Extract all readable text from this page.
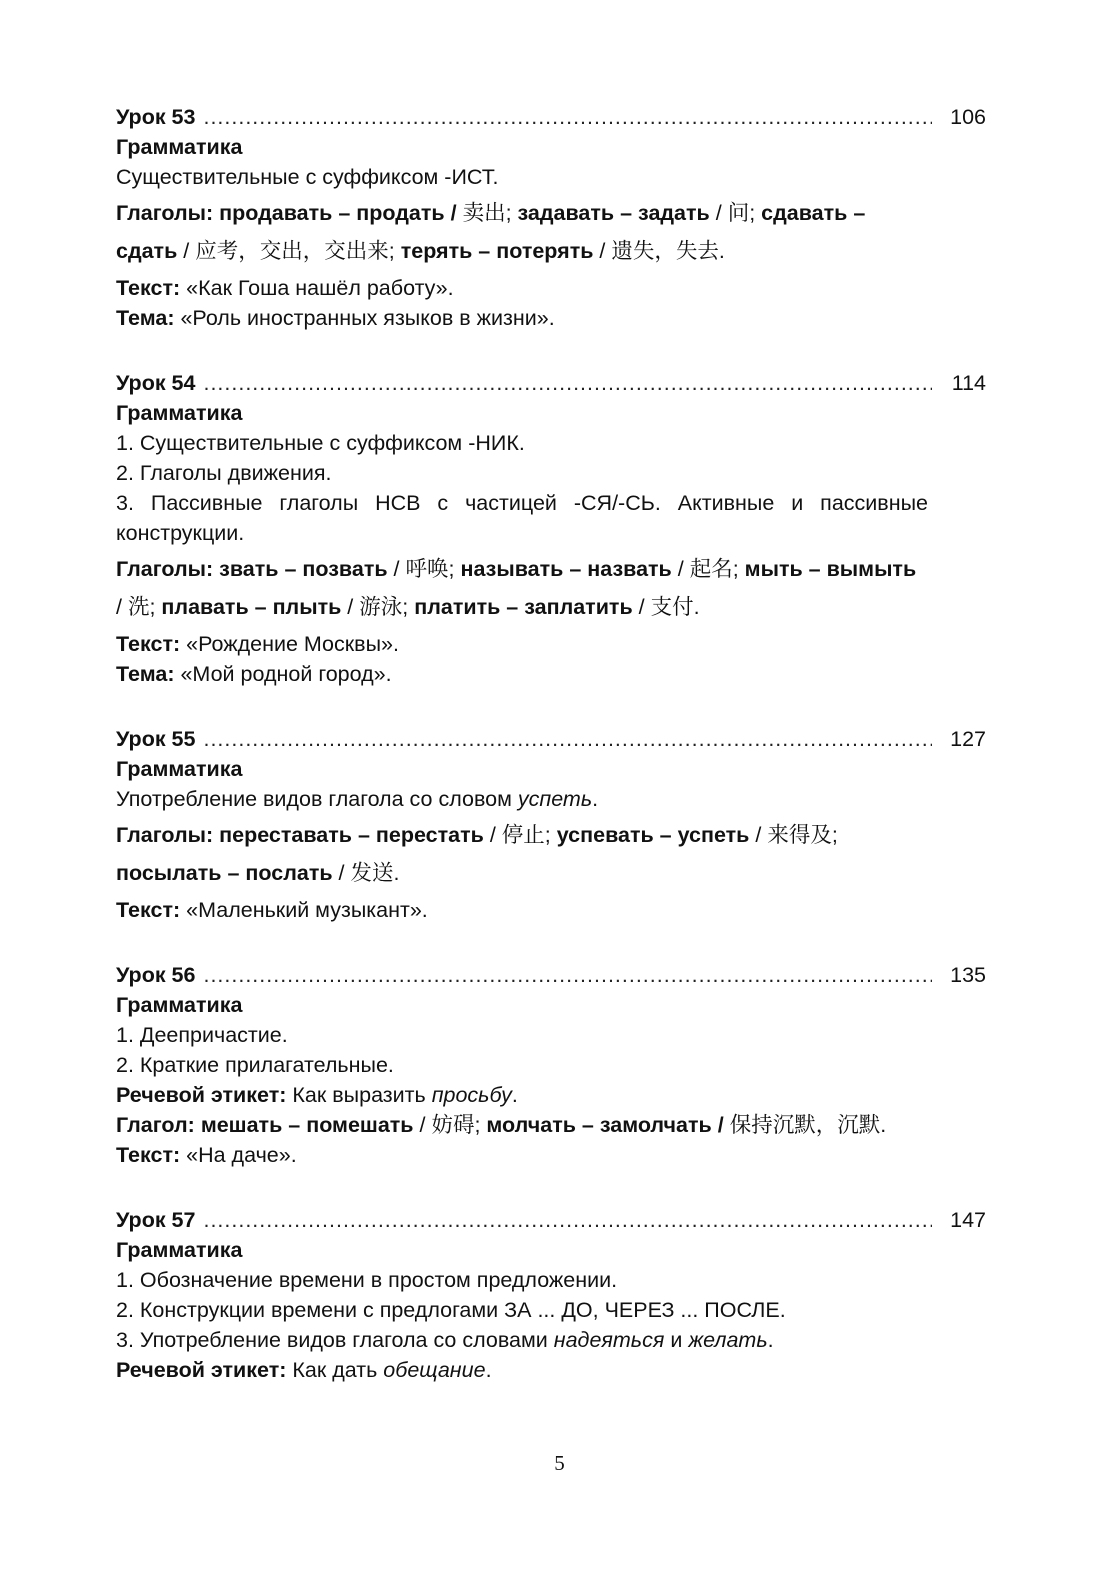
Урок 53 .....	106
Грамматика
Существительные с суффиксом -ИСТ.
Глаголы: продавать – продать / 卖出; задавать – задать / 问; сдавать – сдать / 应考，交出，交出来; терять – потерять / 遗失，失去.
Текст: «Как Гоша нашёл работу».
Тема: «Роль иностранных языков в жизни».
Урок 54 .....	114
Грамматика
1. Существительные с суффиксом -НИК.
2. Глаголы движения.
3. Пассивные глаголы НСВ с частицей -СЯ/-СЬ. Активные и пассивные конструкции.
Глаголы: звать – позвать / 呼唤; называть – назвать / 起名; мыть – вымыть / 洗; плавать – плыть / 游泳; платить – заплатить / 支付.
Текст: «Рождение Москвы».
Тема: «Мой родной город».
Урок 55 .....	127
Грамматика
Употребление видов глагола со словом успеть.
Глаголы: переставать – перестать / 停止; успевать – успеть / 来得及; посылать – послать / 发送.
Текст: «Маленький музыкант».
Урок 56 .....	135
Грамматика
1. Деепричастие.
2. Краткие прилагательные.
Речевой этикет: Как выразить просьбу.
Глагол: мешать – помешать / 妨碍; молчать – замолчать / 保持沉默，沉默.
Текст: «На даче».
Урок 57 .....	147
Грамматика
1. Обозначение времени в простом предложении.
2. Конструкции времени с предлогами ЗА ... ДО, ЧЕРЕЗ ... ПОСЛЕ.
3. Употребление видов глагола со словами надеяться и желать.
Речевой этикет: Как дать обещание.
5
